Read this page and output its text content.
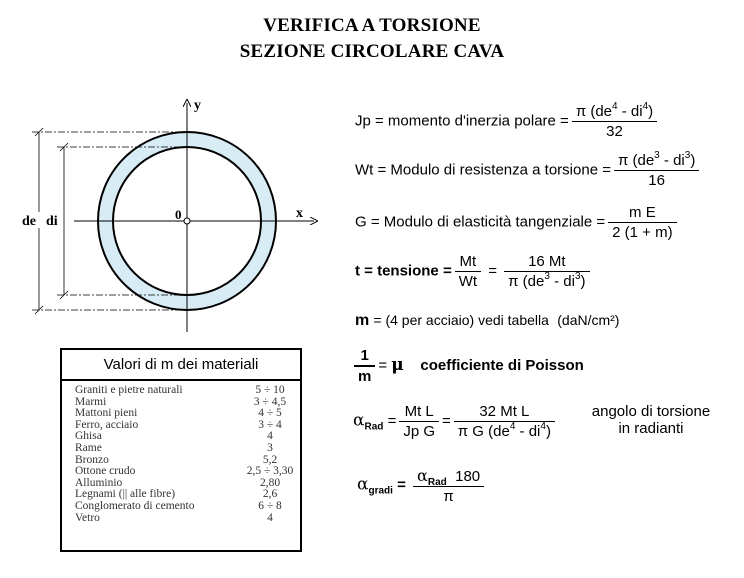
VERIFICA A TORSIONE
SEZIONE CIRCOLARE CAVA
y
x
0
de di
Jp = momento d'inerzia polare = $\frac{\pi (de^4 - di^4)}{32}$
Wt = Modulo di resistenza a torsione = $\frac{\pi (de^3 - di^3)}{16}$
G = Modulo di elasticità tangenziale = $\frac{\text{m E}}{2 (1 + m)}$
t = tensione = $\frac{Mt}{Wt} = \frac{16 Mt}{\pi (de^3 - di^3)}$
m = (4 per acciaio) vedi tabella (daN/cm²)
$\frac{1}{m} = \mu$ coefficiente di Poisson
$\alpha_{Rad} = \frac{\text{Mt L}}{\text{Jp G}} = \frac{\text{32 Mt L}}{\pi G (de^4 - di^4)}$ angolo di torsione
in radianti
$\alpha_{gradi} = \frac{\alpha_{Rad} 180}{\pi}$
Valori di m dei materiali
Graniti e pietre naturali	5 ÷ 10
Marmi	3 ÷ 4,5
Mattoni pieni	4 ÷ 5
Ferro, acciaio	3 ÷ 4
Ghisa	4
Rame	3
Bronzo	5,2
Ottone crudo	2,5 ÷ 3,30
Alluminio	2,80
Legnami (|| alle fibre)	2,6
Conglomerato di cemento	6 ÷ 8
Vetro	4
